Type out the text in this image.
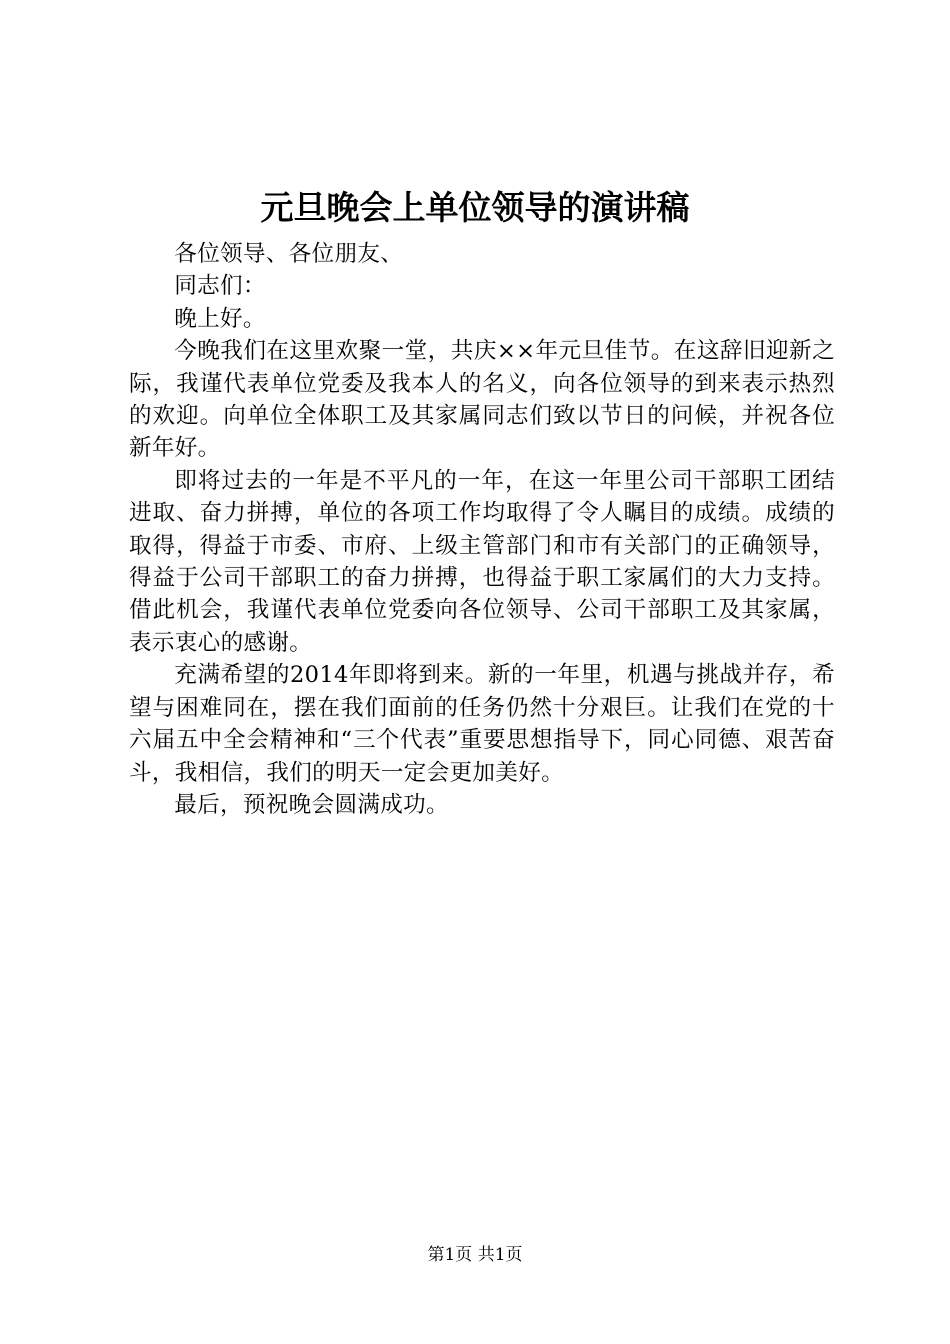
元旦晚会上单位领导的演讲稿

各位领导、各位朋友、

同志们：

晚上好。

今晚我们在这里欢聚一堂，共庆××年元旦佳节。在这辞旧迎新之际，我谨代表单位党委及我本人的名义，向各位领导的到来表示热烈的欢迎。向单位全体职工及其家属同志们致以节日的问候，并祝各位新年好。

即将过去的一年是不平凡的一年，在这一年里公司干部职工团结进取、奋力拼搏，单位的各项工作均取得了令人瞩目的成绩。成绩的取得，得益于市委、市府、上级主管部门和市有关部门的正确领导，得益于公司干部职工的奋力拼搏，也得益于职工家属们的大力支持。借此机会，我谨代表单位党委向各位领导、公司干部职工及其家属，表示衷心的感谢。

充满希望的2014年即将到来。新的一年里，机遇与挑战并存，希望与困难同在，摆在我们面前的任务仍然十分艰巨。让我们在党的十六届五中全会精神和“三个代表”重要思想指导下，同心同德、艰苦奋斗，我相信，我们的明天一定会更加美好。

最后，预祝晚会圆满成功。

第1页 共1页
